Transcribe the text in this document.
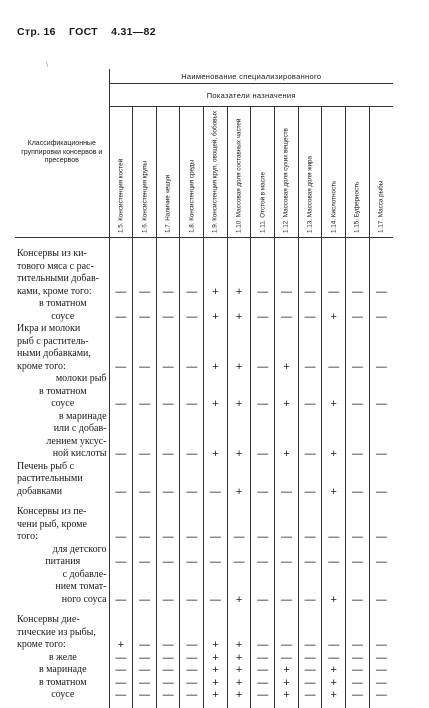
Стр. 16 ГОСТ 4.31—82
\
Классификационные группировки консервов и пресервов	Наименование специализированного											
	Показатели назначения											

	1.5. Консистенция костей	1.6. Консистенция крупы	1.7. Наличие чешуи	1.8. Консистенция среды	1.9. Консистенция круп, овощей, бобовых	1.10. Массовая доля составных частей	1.11. Отстой в масле	1.12. Массовая доля сухих веществ	1.13. Массовая доля жира	1.14. Кислотность	1.15. Буферность	1.17. Масса рыбы

Консервы из ки-												
тового мяса с рас-												
тительными добав-												
ками, кроме того:	—	—	—	—	+	+	—	—	—	—	—	—
в томатном												
соусе	—	—	—	—	+	+	—	—	—	+	—	—
Икра и молоки												
рыб с раститель-												
ными добавками,												
кроме того:	—	—	—	—	+	+	—	+	—	—	—	—
молоки рыб												
в томатном												
соусе	—	—	—	—	+	+	—	+	—	+	—	—
в маринаде												
или с добав-												
лением уксус-												
ной кислоты	—	—	—	—	+	+	—	+	—	+	—	—
Печень рыб с												
растительными												
добавками	—	—	—	—	—	+	—	—	—	+	—	—

Консервы из пе-												
чени рыб, кроме												
того:	—	—	—	—	—	—	—	—	—	—	—	—
для детского												
питания	—	—	—	—	—	—	—	—	—	—	—	—
с добавле-												
нием томат-												
ного соуса	—	—	—	—	—	+	—	—	—	+	—	—

Консервы дие-												
тические из рыбы,												
кроме того:	+	—	—	—	+	+	—	—	—	—	—	—
в желе	—	—	—	—	+	+	—	—	—	—	—	—
в маринаде	—	—	—	—	+	+	—	+	—	+	—	—
в томатном	—	—	—	—	+	+	—	+	—	+	—	—
соусе	—	—	—	—	+	+	—	+	—	+	—	—
